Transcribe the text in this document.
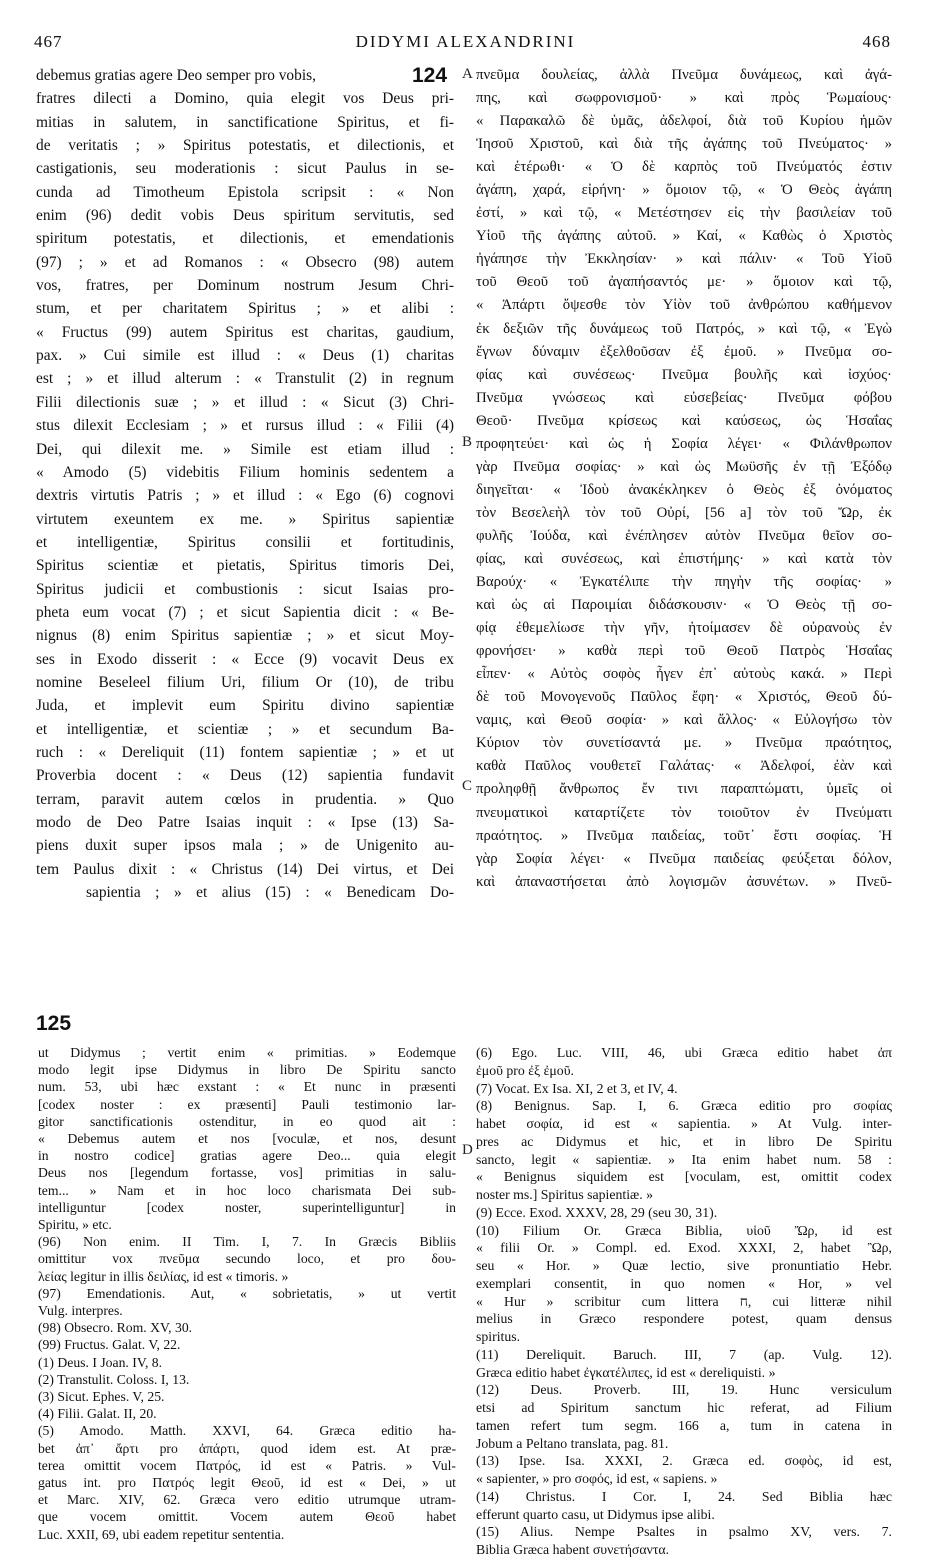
467	DIDYMI ALEXANDRINI	468
debemus gratias agere Deo semper pro vobis,
fratres dilecti a Domino, quia elegit vos Deus pri-
mitias in salutem, in sanctificatione Spiritus, et fi-
de veritatis ; » Spiritus potestatis, et dilectionis, et
castigationis, seu moderationis : sicut Paulus in se-
cunda ad Timotheum Epistola scripsit : « Non
enim (96) dedit vobis Deus spiritum servitutis, sed
spiritum potestatis, et dilectionis, et emendationis
(97) ; » et ad Romanos : « Obsecro (98) autem
vos, fratres, per Dominum nostrum Jesum Chri-
stum, et per charitatem Spiritus ; » et alibi :
« Fructus (99) autem Spiritus est charitas, gaudium,
pax. » Cui simile est illud : « Deus (1) charitas
est ; » et illud alterum : « Transtulit (2) in regnum
Filii dilectionis suæ ; » et illud : « Sicut (3) Chri-
stus dilexit Ecclesiam ; » et rursus illud : « Filii (4)
Dei, qui dilexit me. » Simile est etiam illud :
« Amodo (5) videbitis Filium hominis sedentem a
dextris virtutis Patris ; » et illud : « Ego (6) cognovi
virtutem exeuntem ex me. » Spiritus sapientiæ
et intelligentiæ, Spiritus consilii et fortitudinis,
Spiritus scientiæ et pietatis, Spiritus timoris Dei,
Spiritus judicii et combustionis : sicut Isaias pro-
pheta eum vocat (7) ; et sicut Sapientia dicit : « Be-
nignus (8) enim Spiritus sapientiæ ; » et sicut Moy-
ses in Exodo disserit : « Ecce (9) vocavit Deus ex
nomine Beseleel filium Uri, filium Or (10), de tribu
Juda, et implevit eum Spiritu divino sapientiæ
et intelligentiæ, et scientiæ ; » et secundum Ba-
ruch : « Dereliquit (11) fontem sapientiæ ; » et ut
Proverbia docent : « Deus (12) sapientia fundavit
terram, paravit autem cœlos in prudentia. » Quo
modo de Deo Patre Isaias inquit : « Ipse (13) Sa-
piens duxit super ipsos mala ; » de Unigenito au-
tem Paulus dixit : « Christus (14) Dei virtus, et Dei
sapientia ; » et alius (15) : « Benedicam Do-
πνεῦμα δουλείας, ἀλλὰ Πνεῦμα δυνάμεως, καὶ ἀγά-
πης, καὶ σωφρονισμοῦ· » καὶ πρὸς Ῥωμαίους·
« Παρακαλῶ δὲ ὑμᾶς, ἀδελφοί, διὰ τοῦ Κυρίου ἡμῶν
Ἰησοῦ Χριστοῦ, καὶ διὰ τῆς ἀγάπης τοῦ Πνεύματος· »
καὶ ἑτέρωθι· « Ὁ δὲ καρπὸς τοῦ Πνεύματός ἐστιν
ἀγάπη, χαρά, εἰρήνη· » ὅμοιον τῷ, « Ὁ Θεὸς ἀγάπη
ἐστί, » καὶ τῷ, « Μετέστησεν εἰς τὴν βασιλείαν τοῦ
Υἱοῦ τῆς ἀγάπης αὐτοῦ. » Καί, « Καθὼς ὁ Χριστὸς
ἠγάπησε τὴν Ἐκκλησίαν· » καὶ πάλιν· « Τοῦ Υἱοῦ
τοῦ Θεοῦ τοῦ ἀγαπήσαντός με· » ὅμοιον καὶ τῷ,
« Ἀπάρτι ὄψεσθε τὸν Υἱὸν τοῦ ἀνθρώπου καθήμενον
ἐκ δεξιῶν τῆς δυνάμεως τοῦ Πατρός, » καὶ τῷ, « Ἐγὼ
ἔγνων δύναμιν ἐξελθοῦσαν ἐξ ἐμοῦ. » Πνεῦμα σο-
φίας καὶ συνέσεως· Πνεῦμα βουλῆς καὶ ἰσχύος·
Πνεῦμα γνώσεως καὶ εὐσεβείας· Πνεῦμα φόβου
Θεοῦ· Πνεῦμα κρίσεως καὶ καύσεως, ὡς Ἡσαΐας
προφητεύει· καὶ ὡς ἡ Σοφία λέγει· « Φιλάνθρωπον
γὰρ Πνεῦμα σοφίας· » καὶ ὡς Μωϋσῆς ἐν τῇ Ἐξόδῳ
διηγεῖται· « Ἰδοὺ ἀνακέκληκεν ὁ Θεὸς ἐξ ὀνόματος
τὸν Βεσελεὴλ τὸν τοῦ Οὐρί, [56 a] τὸν τοῦ Ὤρ, ἐκ
φυλῆς Ἰούδα, καὶ ἐνέπλησεν αὐτὸν Πνεῦμα θεῖον σο-
φίας, καὶ συνέσεως, καὶ ἐπιστήμης· » καὶ κατὰ τὸν
Βαρούχ· « Ἐγκατέλιπε τὴν πηγὴν τῆς σοφίας· »
καὶ ὡς αἱ Παροιμίαι διδάσκουσιν· « Ὁ Θεὸς τῇ σο-
φίᾳ ἐθεμελίωσε τὴν γῆν, ἡτοίμασεν δὲ οὐρανοὺς ἐν
φρονήσει· » καθὰ περὶ τοῦ Θεοῦ Πατρὸς Ἡσαΐας
εἶπεν· « Αὐτὸς σοφὸς ἦγεν ἐπ᾽ αὐτοὺς κακά. » Περὶ
δὲ τοῦ Μονογενοῦς Παῦλος ἔφη· « Χριστός, Θεοῦ δύ-
ναμις, καὶ Θεοῦ σοφία· » καὶ ἄλλος· « Εὐλογήσω τὸν
Κύριον τὸν συνετίσαντά με. » Πνεῦμα πραότητος,
καθὰ Παῦλος νουθετεῖ Γαλάτας· « Ἀδελφοί, ἐὰν καὶ
προληφθῇ ἄνθρωπος ἔν τινι παραπτώματι, ὑμεῖς οἱ
πνευματικοὶ καταρτίζετε τὸν τοιοῦτον ἐν Πνεύματι
πραότητος. » Πνεῦμα παιδείας, τοῦτ᾽ ἔστι σοφίας. Ἡ
γὰρ Σοφία λέγει· « Πνεῦμα παιδείας φεύξεται δόλον,
καὶ ἀπαναστήσεται ἀπὸ λογισμῶν ἀσυνέτων. » Πνεῦ-
ut Didymus ; vertit enim « primitias. » Eodemque
modo legit ipse Didymus in libro De Spiritu sancto
num. 53, ubi hæc exstant : « Et nunc in præsenti
[codex noster : ex præsenti] Pauli testimonio lar-
gitor sanctificationis ostenditur, in eo quod ait :
« Debemus autem et nos [voculæ, et nos, desunt
in nostro codice] gratias agere Deo... quia elegit
Deus nos [legendum fortasse, vos] primitias in salu-
tem... » Nam et in hoc loco charismata Dei sub-
intelliguntur [codex noster, superintelliguntur] in
Spiritu, » etc.
(96) Non enim. II Tim. I, 7. In Græcis Bibliis
omittitur vox πνεῦμα secundo loco, et pro δου-
λείας legitur in illis δειλίας, id est « timoris. »
(97) Emendationis. Aut, « sobrietatis, » ut vertit
Vulg. interpres.
(98) Obsecro. Rom. XV, 30.
(99) Fructus. Galat. V, 22.
(1) Deus. I Joan. IV, 8.
(2) Transtulit. Coloss. I, 13.
(3) Sicut. Ephes. V, 25.
(4) Filii. Galat. II, 20.
(5) Amodo. Matth. XXVI, 64. Græca editio ha-
bet ἀπ᾽ ἄρτι pro ἀπάρτι, quod idem est. At præ-
terea omittit vocem Πατρός, id est « Patris. » Vul-
gatus int. pro Πατρός legit Θεοῦ, id est « Dei, » ut
et Marc. XIV, 62. Græca vero editio utrumque utram-
que vocem omittit. Vocem autem Θεοῦ habet
Luc. XXII, 69, ubi eadem repetitur sententia.
(6) Ego. Luc. VIII, 46, ubi Græca editio habet ἀπ
ἐμοῦ pro ἐξ ἐμοῦ.
(7) Vocat. Ex Isa. XI, 2 et 3, et IV, 4.
(8) Benignus. Sap. I, 6. Græca editio pro σοφίας
habet σοφία, id est « sapientia. » At Vulg. inter-
pres ac Didymus et hic, et in libro De Spiritu
sancto, legit « sapientiæ. » Ita enim habet num. 58 :
« Benignus siquidem est [voculam, est, omittit codex
noster ms.] Spiritus sapientiæ. »
(9) Ecce. Exod. XXXV, 28, 29 (seu 30, 31).
(10) Filium Or. Græca Biblia, υἱοῦ Ὤρ, id est
« filii Or. » Compl. ed. Exod. XXXI, 2, habet Ὢρ,
seu « Hor. » Quæ lectio, sive pronuntiatio Hebr.
exemplari consentit, in quo nomen « Hor, » vel
« Hur » scribitur cum littera ח, cui litteræ nihil
melius in Græco respondere potest, quam densus
spiritus.
(11) Dereliquit. Baruch. III, 7 (ap. Vulg. 12).
Græca editio habet ἐγκατέλιπες, id est « dereliquisti. »
(12) Deus. Proverb. III, 19. Hunc versiculum
etsi ad Spiritum sanctum hic referat, ad Filium
tamen refert tum segm. 166 a, tum in catena in
Jobum a Peltano translata, pag. 81.
(13) Ipse. Isa. XXXI, 2. Græca ed. σοφὸς, id est,
« sapienter, » pro σοφός, id est, « sapiens. »
(14) Christus. I Cor. I, 24. Sed Biblia hæc
efferunt quarto casu, ut Didymus ipse alibi.
(15) Alius. Nempe Psaltes in psalmo XV, vers. 7.
Biblia Græca habent συνετήσαντα.
124
125
A
B
C
D
